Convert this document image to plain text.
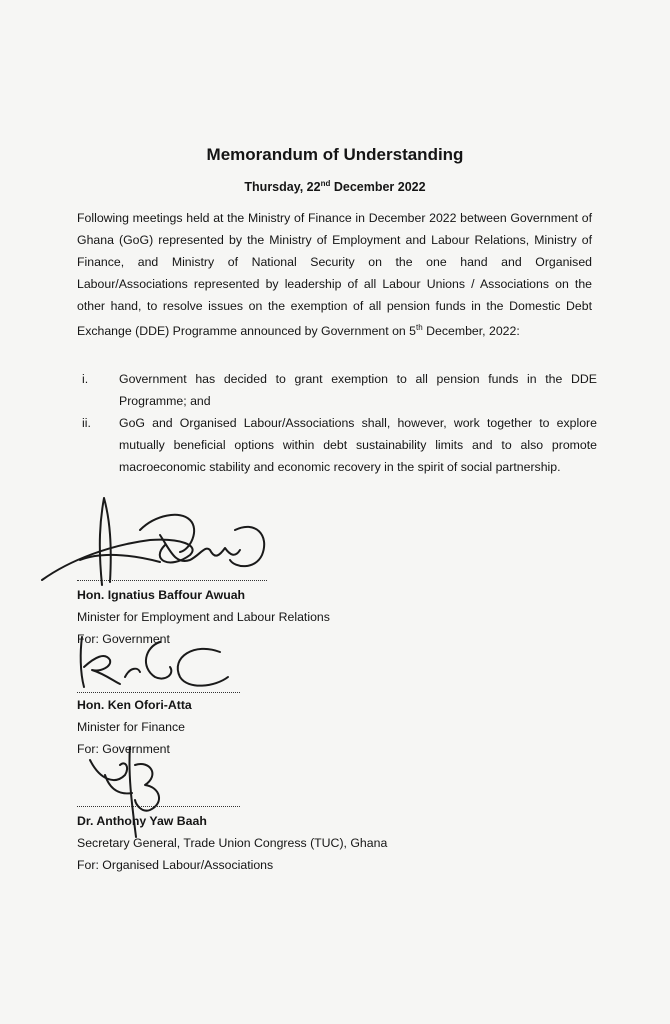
Memorandum of Understanding
Thursday, 22nd December 2022

Following meetings held at the Ministry of Finance in December 2022 between Government of Ghana (GoG) represented by the Ministry of Employment and Labour Relations, Ministry of Finance, and Ministry of National Security on the one hand and Organised Labour/Associations represented by leadership of all Labour Unions / Associations on the other hand, to resolve issues on the exemption of all pension funds in the Domestic Debt Exchange (DDE) Programme announced by Government on 5th December, 2022:

i.	Government has decided to grant exemption to all pension funds in the DDE Programme; and
ii.	GoG and Organised Labour/Associations shall, however, work together to explore mutually beneficial options within debt sustainability limits and to also promote macroeconomic stability and economic recovery in the spirit of social partnership.
Hon. Ignatius Baffour Awuah
Minister for Employment and Labour Relations
For: Government
Hon. Ken Ofori-Atta
Minister for Finance
For: Government
Dr. Anthony Yaw Baah
Secretary General, Trade Union Congress (TUC), Ghana
For: Organised Labour/Associations
